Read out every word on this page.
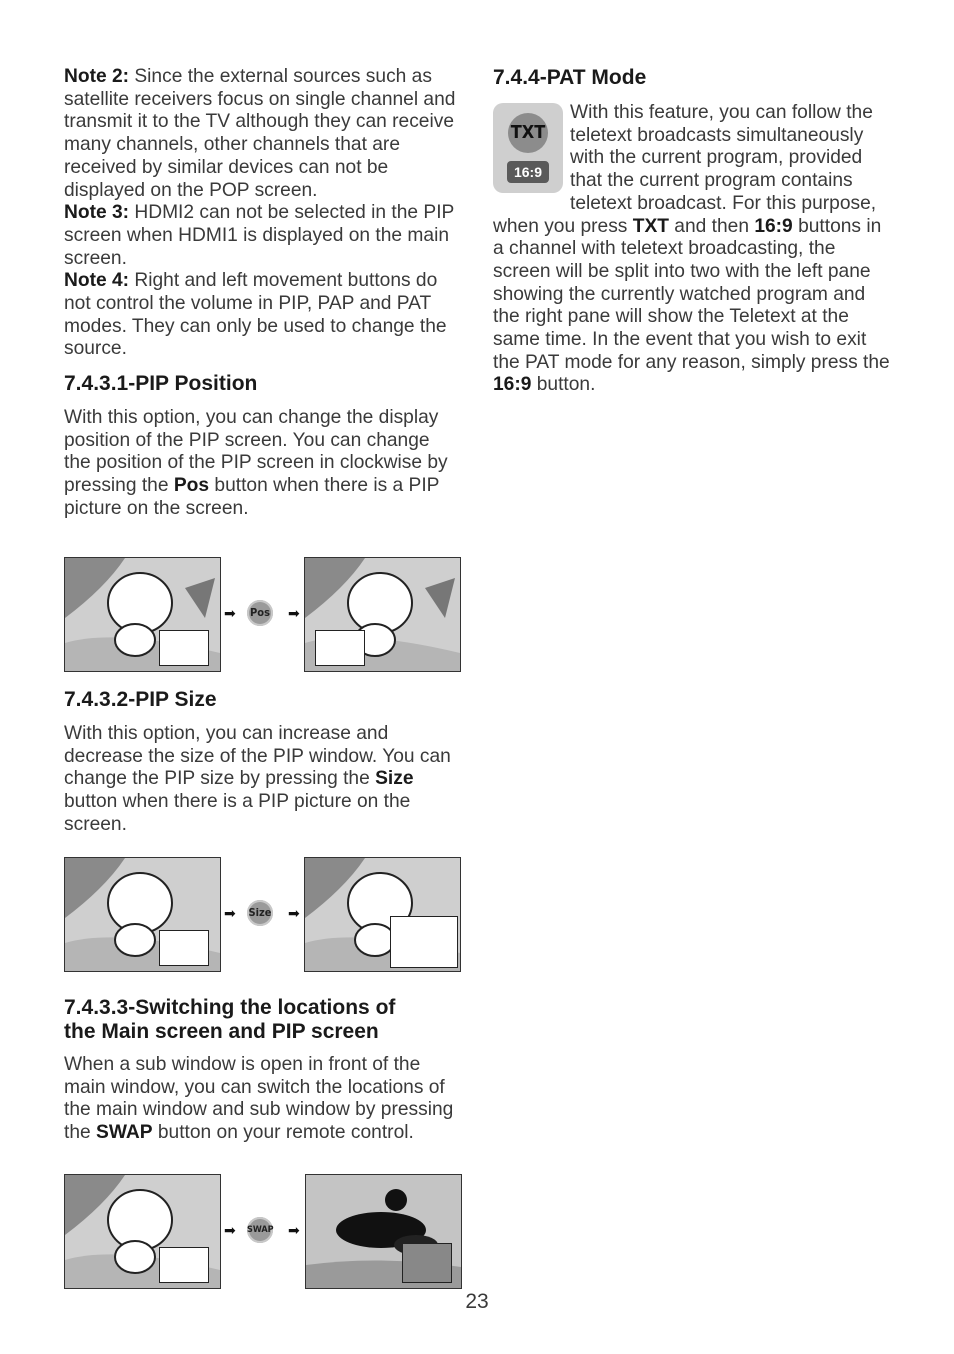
Note 2: Since the external sources such as satellite receivers focus on single channel and transmit it to the TV although they can receive many channels, other channels that are received by similar devices can not be displayed on the POP screen.

Note 3: HDMI2 can not be selected in the PIP screen when HDMI1 is displayed on the main screen.

Note 4: Right and left movement buttons do not control the volume in PIP, PAP and PAT modes. They can only be used to change the source.

7.4.3.1-PIP Position

With this option, you can change the display position of the PIP screen. You can change the position of the PIP screen in clockwise by pressing the Pos button when there is a PIP picture on the screen.

7.4.3.2-PIP Size

With this option, you can increase and decrease the size of the PIP window. You can change the PIP size by pressing the Size button when there is a PIP picture on the screen.

7.4.3.3-Switching the locations of
the Main screen and PIP screen

When a sub window is open in front of the main window, you can switch the locations of the main window and sub window by pressing the SWAP button on your remote control.

➡ Pos ➡
➡ Size ➡
➡ SWAP ➡
7.4.4-PAT Mode
TXT
16:9

With this feature, you can follow the teletext broadcasts simultaneously with the current program, provided that the current program contains teletext broadcast. For this purpose, when you press TXT and then 16:9 buttons in a channel with teletext broadcasting, the screen will be split into two with the left pane showing the currently watched program and the right pane will show the Teletext at the same time. In the event that you wish to exit the PAT mode for any reason, simply press the 16:9 button.

23
